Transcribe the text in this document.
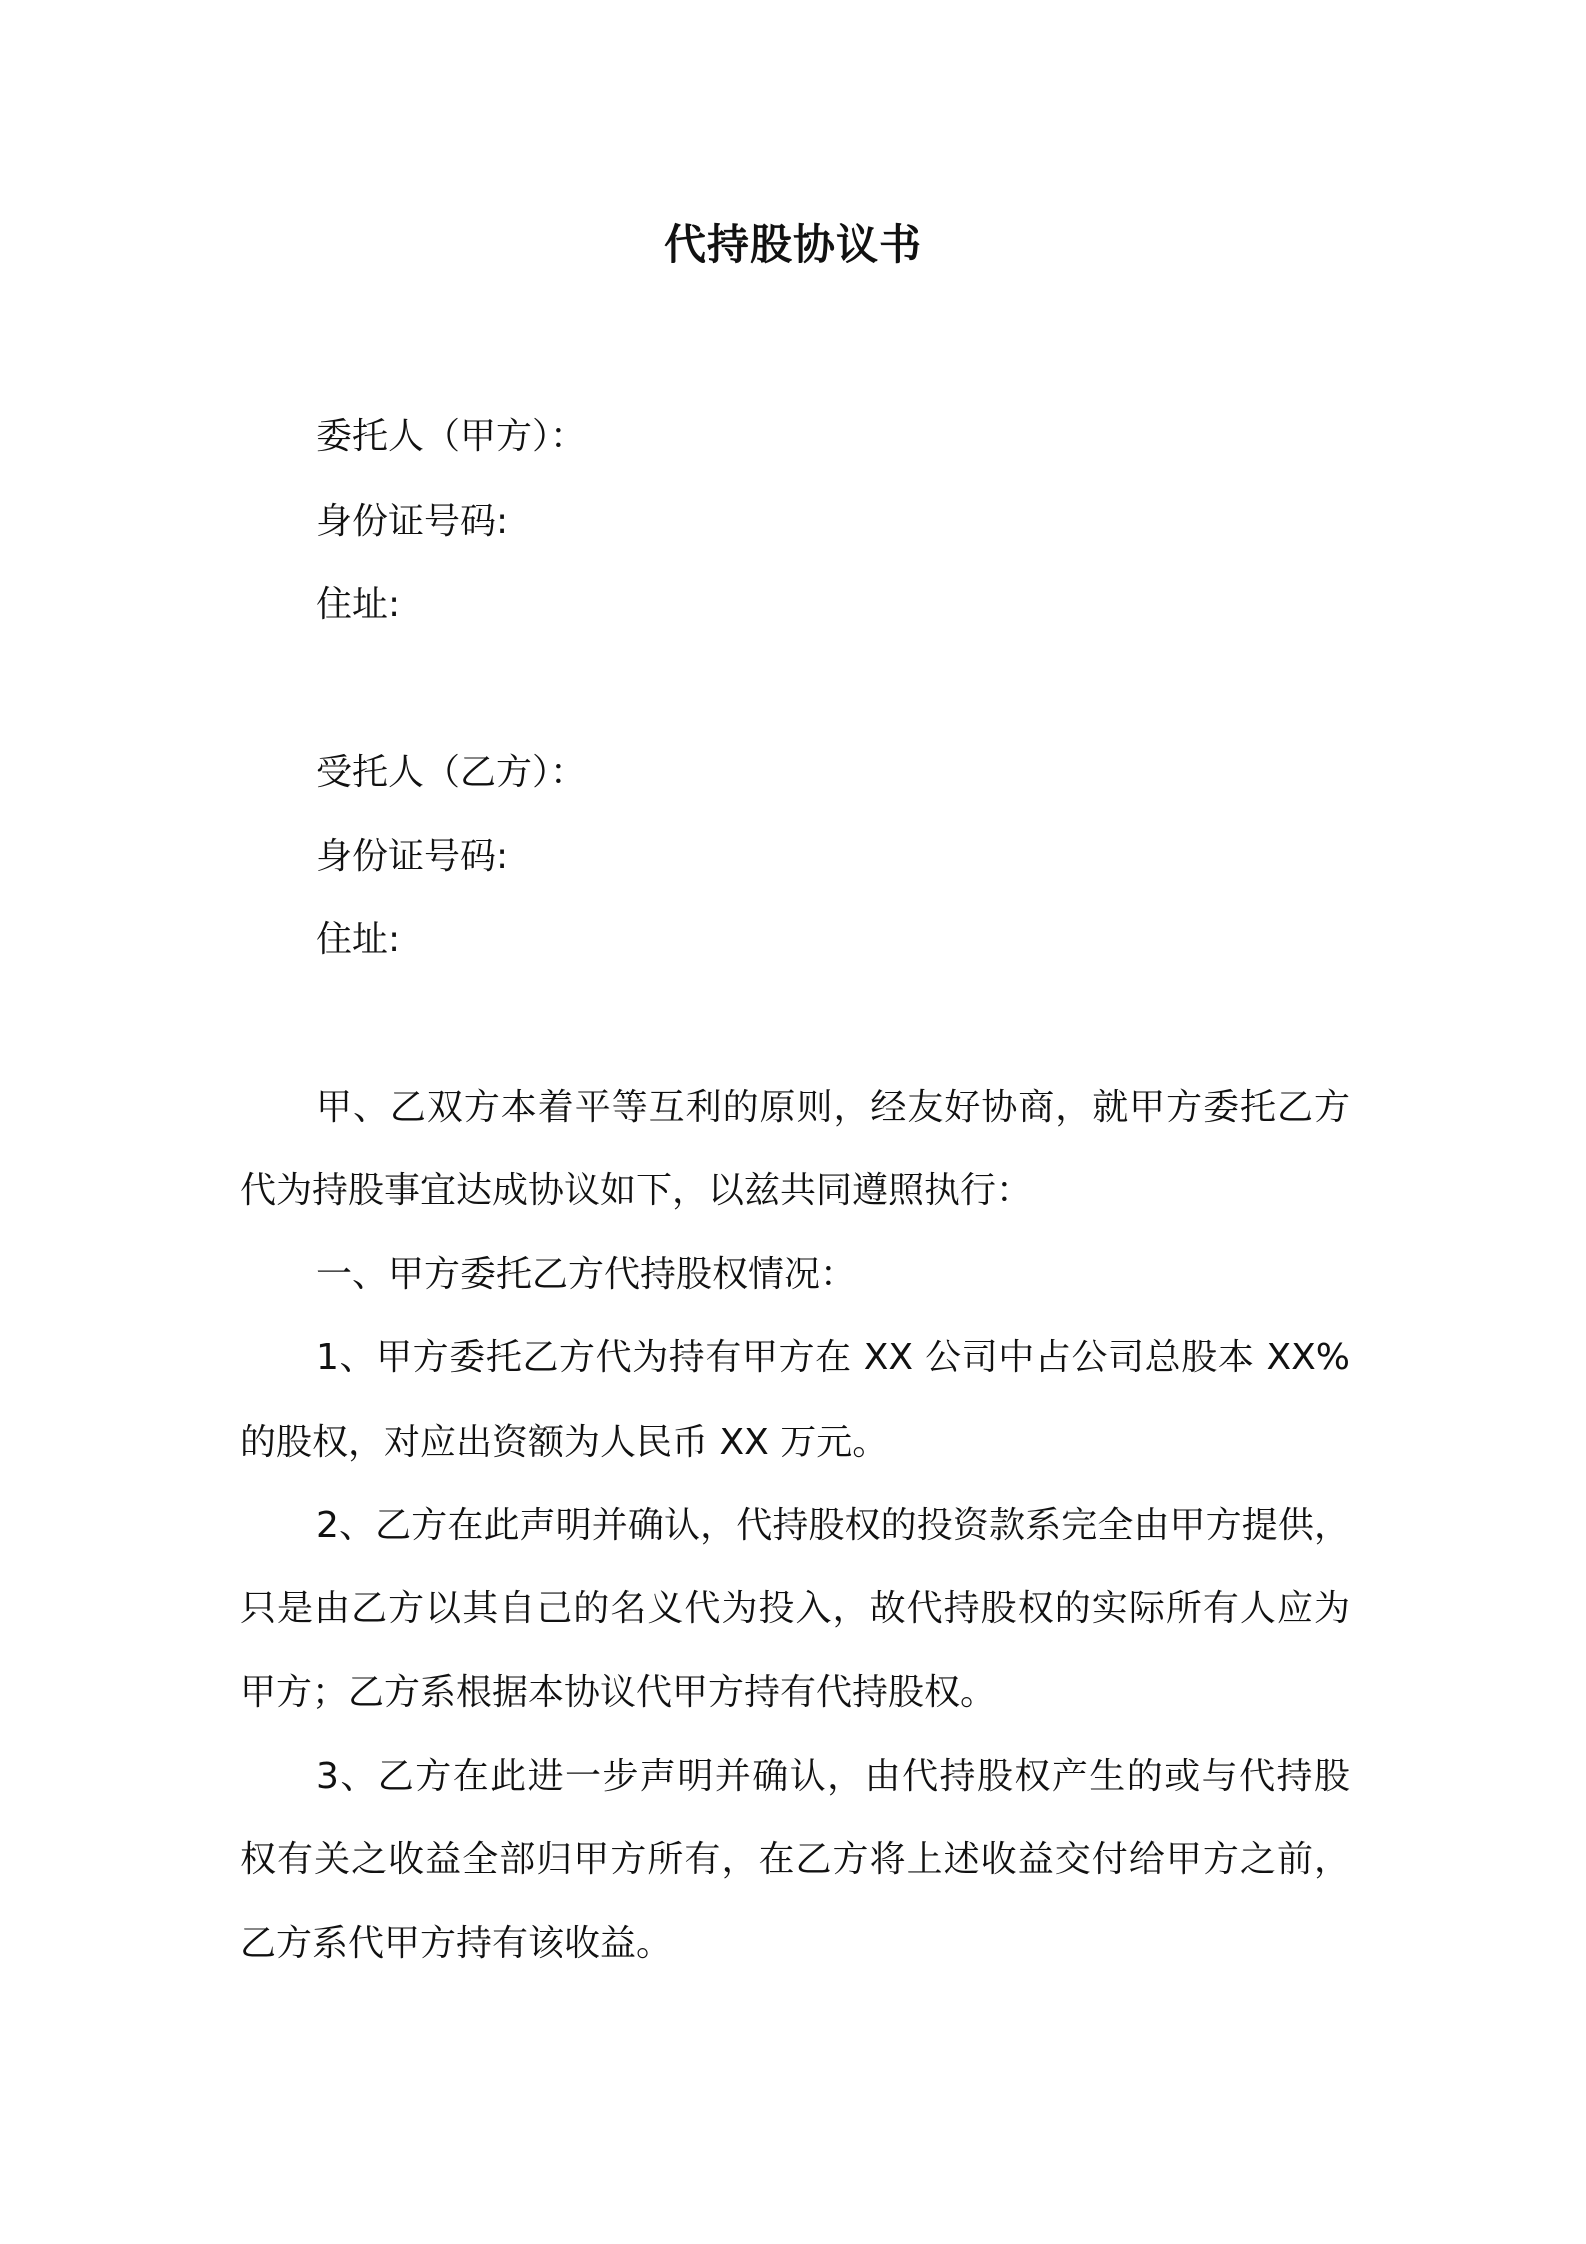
代持股协议书
委托人（甲方）：
身份证号码:
住址:
受托人（乙方）：
身份证号码:
住址:
甲、乙双方本着平等互利的原则，经友好协商，就甲方委托乙方
代为持股事宜达成协议如下，以兹共同遵照执行：
一、甲方委托乙方代持股权情况：
1、甲方委托乙方代为持有甲方在 XX 公司中占公司总股本 XX%
的股权，对应出资额为人民币 XX 万元。
2、乙方在此声明并确认，代持股权的投资款系完全由甲方提供，
只是由乙方以其自己的名义代为投入，故代持股权的实际所有人应为
甲方；乙方系根据本协议代甲方持有代持股权。
3、乙方在此进一步声明并确认，由代持股权产生的或与代持股
权有关之收益全部归甲方所有，在乙方将上述收益交付给甲方之前，
乙方系代甲方持有该收益。
